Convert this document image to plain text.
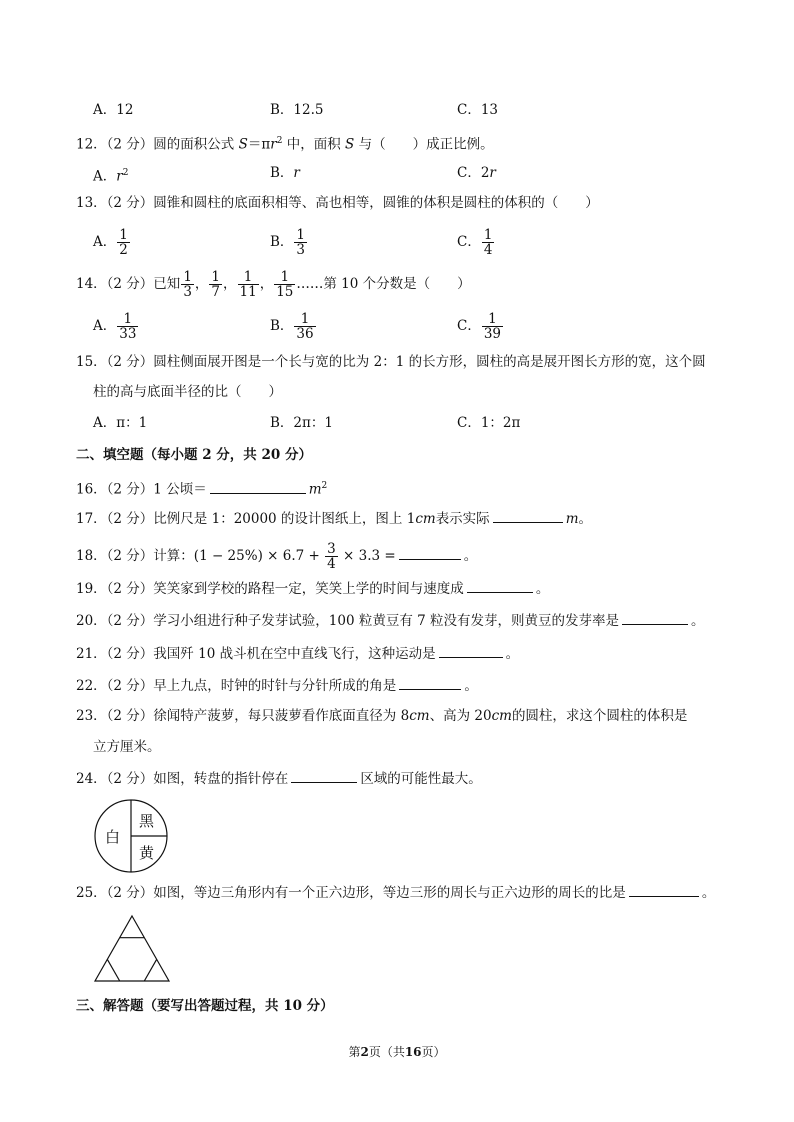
A．12	B．12.5	C．13
12．（2 分）圆的面积公式 $S=\pi r^2$ 中，面积 S 与（　　）成正比例。
A．$r^2$	B．r	C．2r
13．（2 分）圆锥和圆柱的底面积相等、高也相等，圆锥的体积是圆柱的体积的（　　）
A． $\frac{1}{2}$	B． $\frac{1}{3}$	C． $\frac{1}{4}$
14．（2 分）已知 $\frac{1}{3}$ ， $\frac{1}{7}$ ， $\frac{1}{11}$ ， $\frac{1}{15}$ ……第 10 个分数是（　　）
A． $\frac{1}{33}$	B． $\frac{1}{36}$	C． $\frac{1}{39}$
15．（2 分）圆柱侧面展开图是一个长与宽的比为 2：1 的长方形，圆柱的高是展开图长方形的宽，这个圆
柱的高与底面半径的比（　　）
A．π：1	B．2π：1	C．1：2π
二、填空题（每小题 2 分，共 20 分）
16．（2 分）1 公顷＝	$m^2$
17．（2 分）比例尺是 1：20000 的设计图纸上，图上 1cm表示实际	m。
18．（2 分）计算：$(1 - 25\%) \times 6.7 + \frac{3}{4} \times 3.3$ =	。
19．（2 分）笑笑家到学校的路程一定，笑笑上学的时间与速度成	。
20．（2 分）学习小组进行种子发芽试验，100 粒黄豆有 7 粒没有发芽，则黄豆的发芽率是	。
21．（2 分）我国歼 10 战斗机在空中直线飞行，这种运动是	。
22．（2 分）早上九点，时钟的时针与分针所成的角是	。
23．（2 分）徐闻特产菠萝，每只菠萝看作底面直径为 8cm、高为 20cm的圆柱，求这个圆柱的体积是
立方厘米。
24．（2 分）如图，转盘的指针停在	区域的可能性最大。
白
黑
黄
25．（2 分）如图，等边三角形内有一个正六边形，等边三形的周长与正六边形的周长的比是	。
三、解答题（要写出答题过程，共 10 分）
第2页（共16页）
